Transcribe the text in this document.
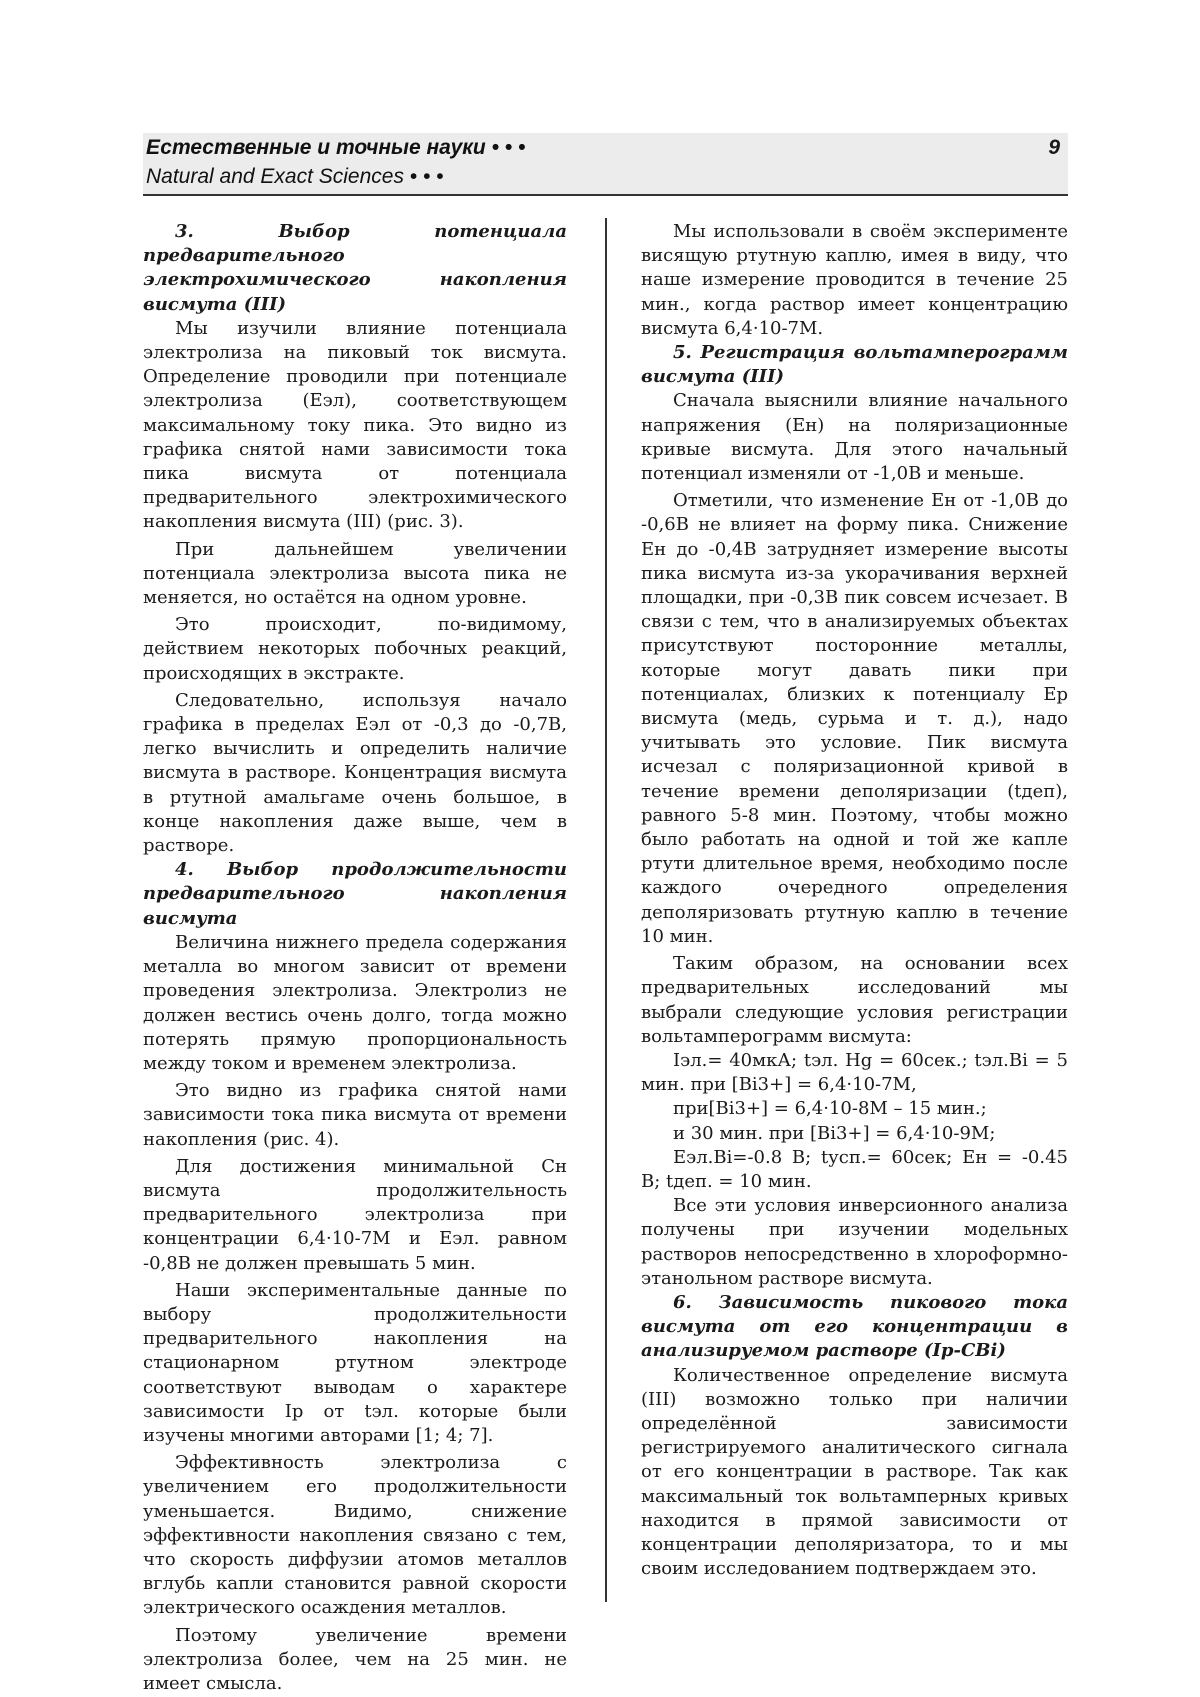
Естественные и точные науки • • •
Natural and Exact Sciences • • •
9
3. Выбор потенциала предварительного электрохимического накопления висмута (III)

Мы изучили влияние потенциала электролиза на пиковый ток висмута. Определение проводили при потенциале электролиза (Eэл), соответствующем максимальному току пика. Это видно из графика снятой нами зависимости тока пика висмута от потенциала предварительного электрохимического накопления висмута (III) (рис. 3).

При дальнейшем увеличении потенциала электролиза высота пика не меняется, но остаётся на одном уровне.

Это происходит, по-видимому, действием некоторых побочных реакций, происходящих в экстракте.

Следовательно, используя начало графика в пределах Eэл от -0,3 до -0,7В, легко вычислить и определить наличие висмута в растворе. Концентрация висмута в ртутной амальгаме очень большое, в конце накопления даже выше, чем в растворе.

4. Выбор продолжительности предварительного накопления висмута

Величина нижнего предела содержания металла во многом зависит от времени проведения электролиза. Электролиз не должен вестись очень долго, тогда можно потерять прямую пропорциональность между током и временем электролиза.

Это видно из графика снятой нами зависимости тока пика висмута от времени накопления (рис. 4).

Для достижения минимальной Cн висмута продолжительность предварительного электролиза при концентрации 6,4·10-7М и Eэл. равном -0,8В не должен превышать 5 мин.

Наши экспериментальные данные по выбору продолжительности предварительного накопления на стационарном ртутном электроде соответствуют выводам о характере зависимости Iр от tэл. которые были изучены многими авторами [1; 4; 7].

Эффективность электролиза с увеличением его продолжительности уменьшается. Видимо, снижение эффективности накопления связано с тем, что скорость диффузии атомов металлов вглубь капли становится равной скорости электрического осаждения металлов.

Поэтому увеличение времени электролиза более, чем на 25 мин. не имеет смысла.

Мы использовали в своём эксперименте висящую ртутную каплю, имея в виду, что наше измерение проводится в течение 25 мин., когда раствор имеет концентрацию висмута 6,4·10-7М.

5. Регистрация вольтамперограмм висмута (III)

Сначала выяснили влияние начального напряжения (Eн) на поляризационные кривые висмута. Для этого начальный потенциал изменяли от -1,0В и меньше.

Отметили, что изменение Eн от -1,0В до -0,6В не влияет на форму пика. Снижение Eн до -0,4В затрудняет измерение высоты пика висмута из-за укорачивания верхней площадки, при -0,3В пик совсем исчезает. В связи с тем, что в анализируемых объектах присутствуют посторонние металлы, которые могут давать пики при потенциалах, близких к потенциалу Eр висмута (медь, сурьма и т. д.), надо учитывать это условие. Пик висмута исчезал с поляризационной кривой в течение времени деполяризации (tдеп), равного 5-8 мин. Поэтому, чтобы можно было работать на одной и той же капле ртути длительное время, необходимо после каждого очередного определения деполяризовать ртутную каплю в течение 10 мин.

Таким образом, на основании всех предварительных исследований мы выбрали следующие условия регистрации вольтамперограмм висмута:

Iэл.= 40мкА; tэл. Hg = 60сек.; tэл.Bi = 5 мин. при [Bi3+] = 6,4·10-7М,

при[Bi3+] = 6,4·10-8М – 15 мин.;

и 30 мин. при [Bi3+] = 6,4·10-9М;

Eэл.Bi=-0.8 В; tусп.= 60сек; Eн = -0.45 В; tдеп. = 10 мин.

Все эти условия инверсионного анализа получены при изучении модельных растворов непосредственно в хлороформно-этанольном растворе висмута.

6. Зависимость пикового тока висмута от его концентрации в анализируемом растворе (Iр-CBi)

Количественное определение висмута (III) возможно только при наличии определённой зависимости регистрируемого аналитического сигнала от его концентрации в растворе. Так как максимальный ток вольтамперных кривых находится в прямой зависимости от концентрации деполяризатора, то и мы своим исследованием подтверждаем это.
